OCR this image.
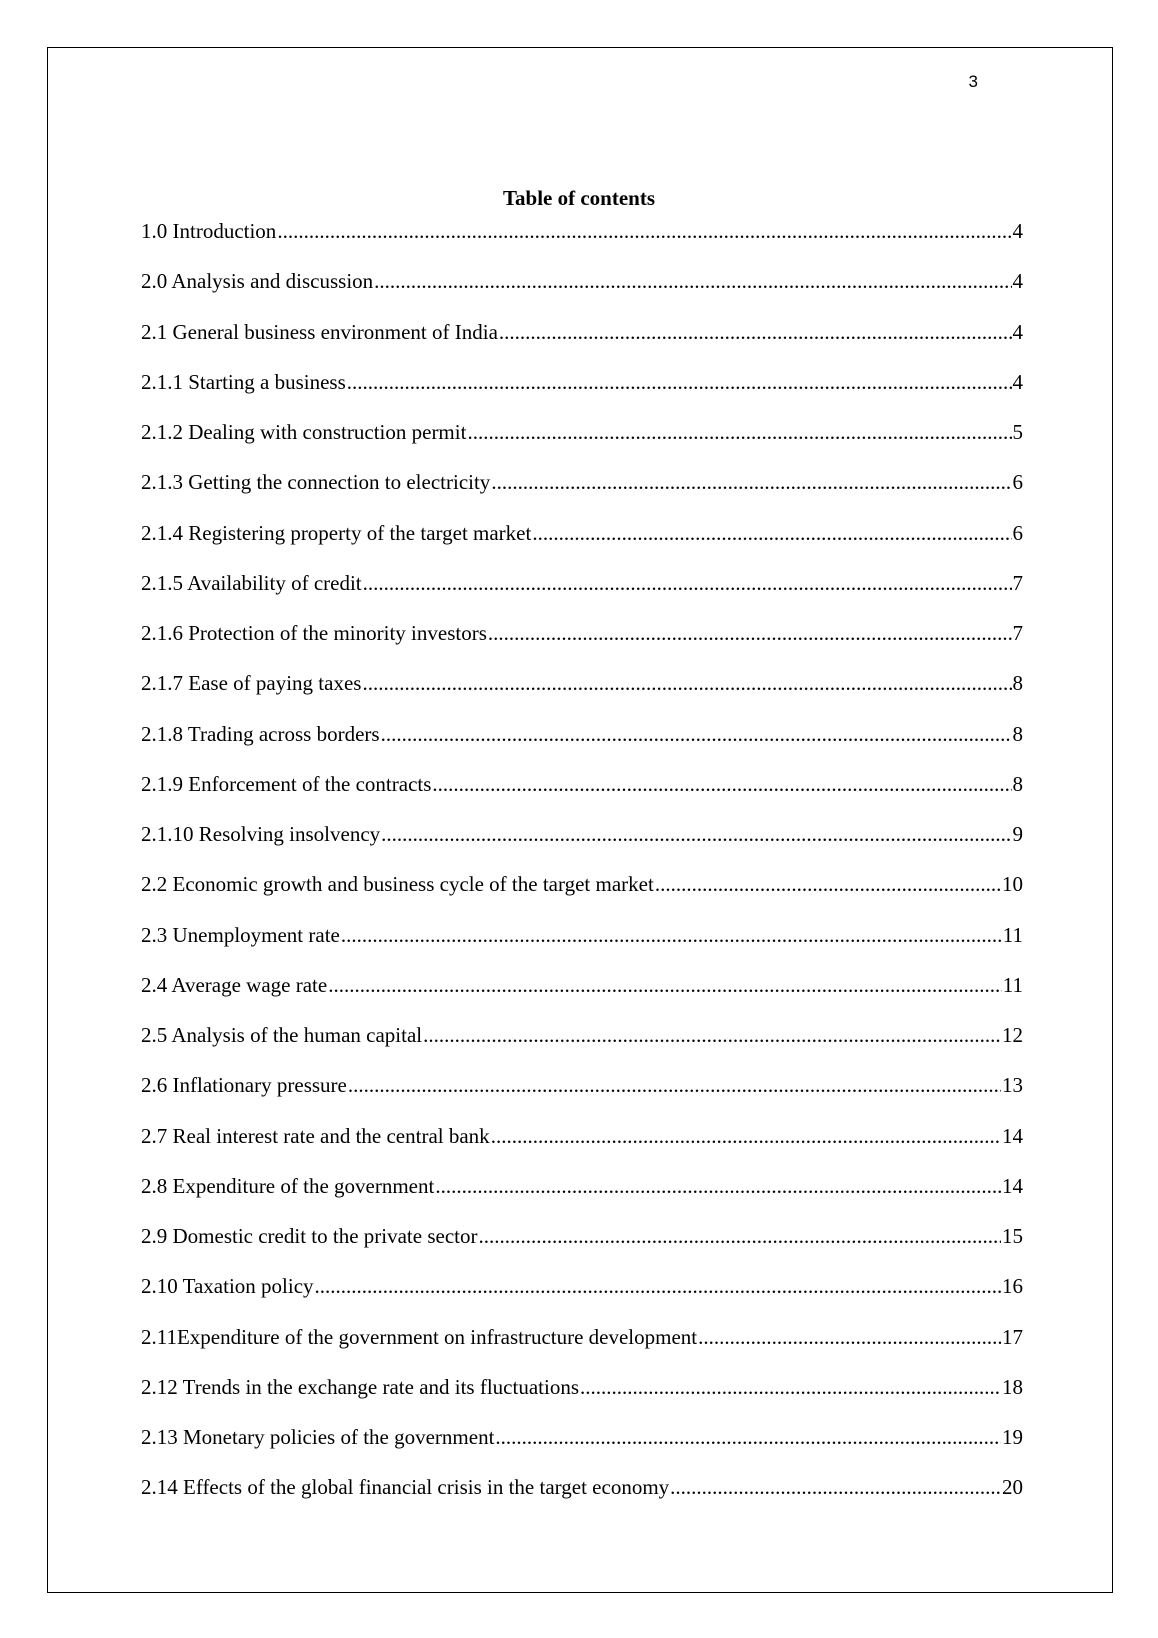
3
Table of contents
1.0 Introduction .....	4
2.0 Analysis and discussion .....	4
2.1 General business environment of India .....	4
2.1.1 Starting a business .....	4
2.1.2 Dealing with construction permit .....	5
2.1.3 Getting the connection to electricity .....	6
2.1.4 Registering property of the target market .....	6
2.1.5 Availability of credit .....	7
2.1.6 Protection of the minority investors .....	7
2.1.7 Ease of paying taxes .....	8
2.1.8 Trading across borders .....	8
2.1.9 Enforcement of the contracts .....	8
2.1.10 Resolving insolvency .....	9
2.2 Economic growth and business cycle of the target market .....	10
2.3 Unemployment rate .....	11
2.4 Average wage rate .....	11
2.5 Analysis of the human capital .....	12
2.6 Inflationary pressure .....	13
2.7 Real interest rate and the central bank .....	14
2.8 Expenditure of the government .....	14
2.9 Domestic credit to the private sector .....	15
2.10 Taxation policy .....	16
2.11Expenditure of the government on infrastructure development .....	17
2.12 Trends in the exchange rate and its fluctuations .....	18
2.13 Monetary policies of the government .....	19
2.14 Effects of the global financial crisis in the target economy .....	20
